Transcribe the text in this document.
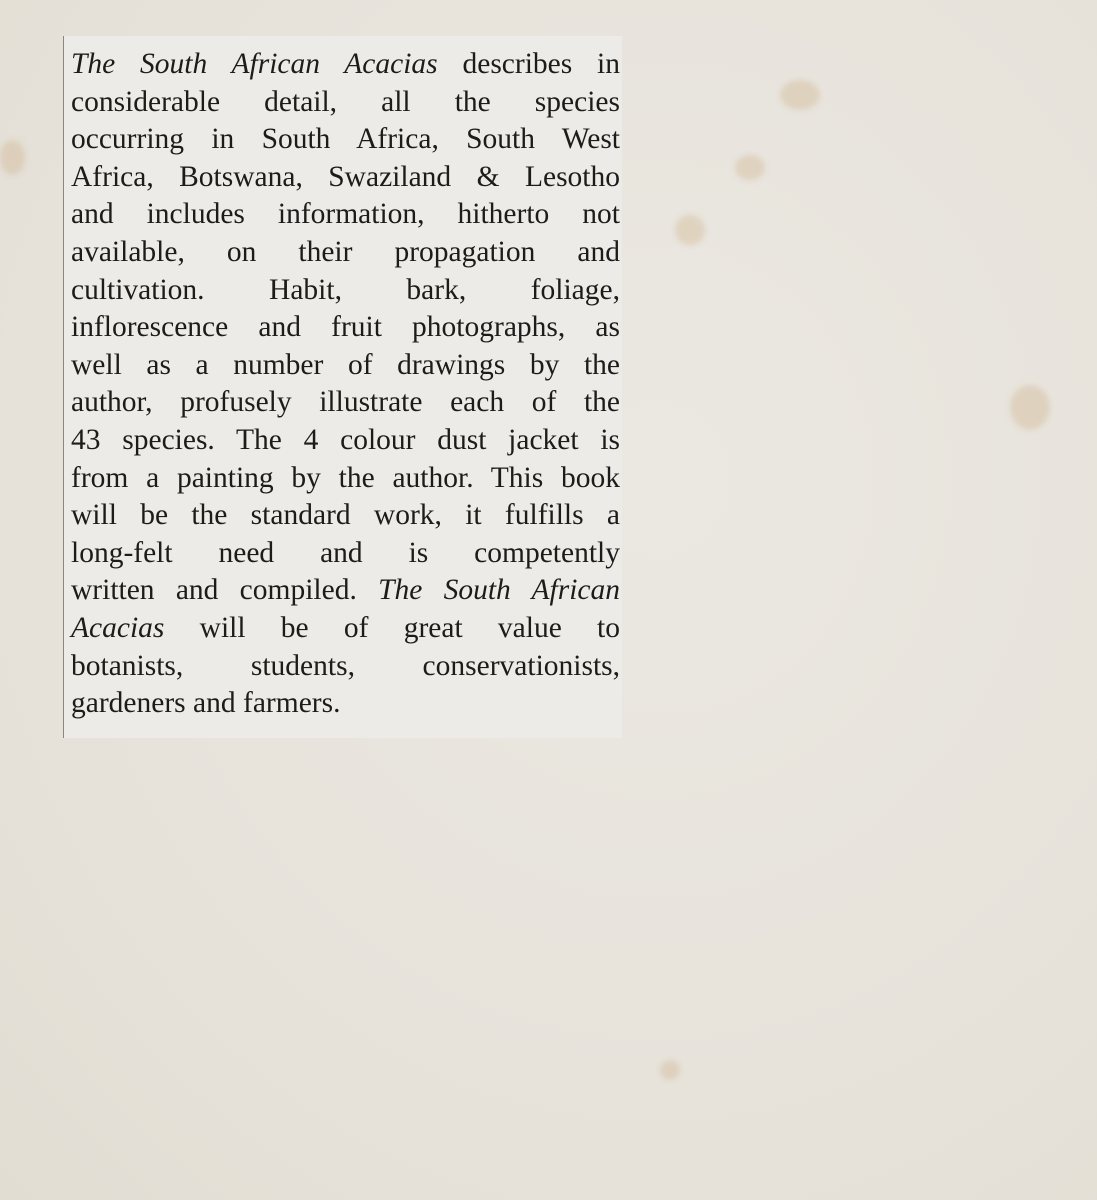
The South African Acacias describes in
considerable detail, all the species
occurring in South Africa, South West
Africa, Botswana, Swaziland & Lesotho
and includes information, hitherto not
available, on their propagation and
cultivation. Habit, bark, foliage,
inflorescence and fruit photographs, as
well as a number of drawings by the
author, profusely illustrate each of the
43 species. The 4 colour dust jacket is
from a painting by the author. This book
will be the standard work, it fulfills a
long-felt need and is competently
written and compiled. The South African
Acacias will be of great value to
botanists, students, conservationists,
gardeners and farmers.
